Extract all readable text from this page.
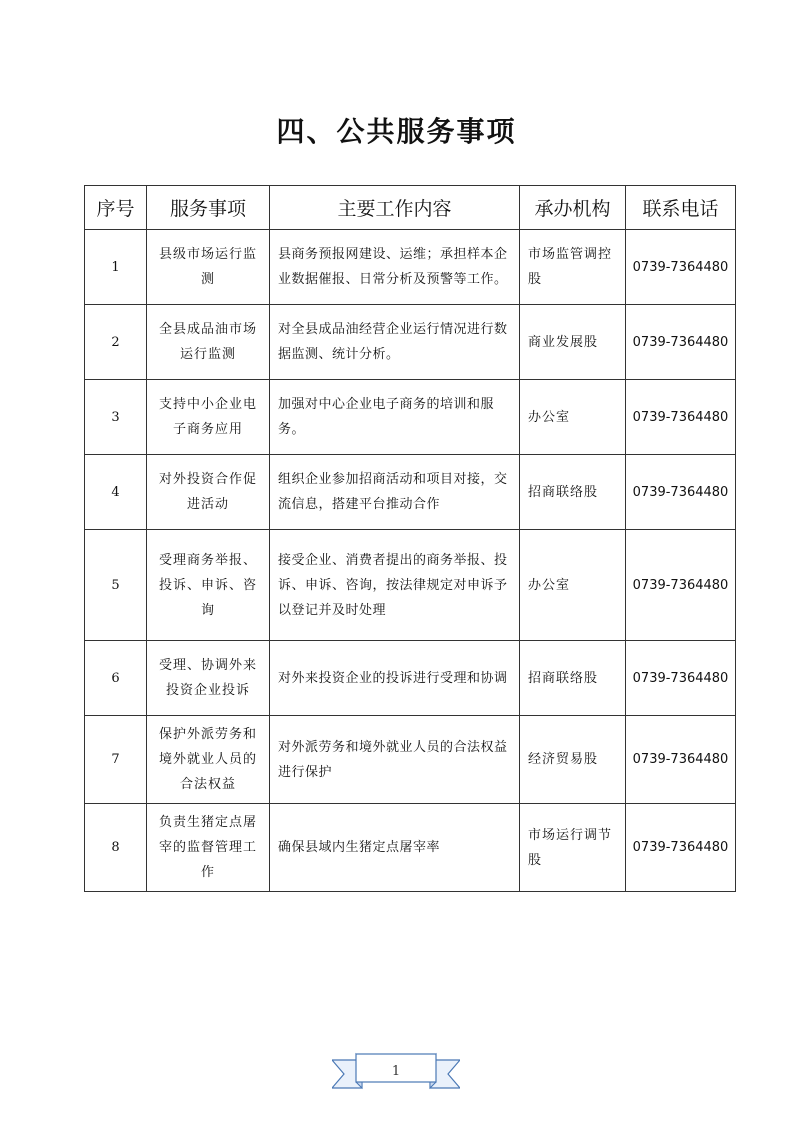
四、公共服务事项
序号	服务事项	主要工作内容	承办机构	联系电话
1	县级市场运行监测	县商务预报网建设、运维；承担样本企业数据催报、日常分析及预警等工作。	市场监管调控股	0739-7364480
2	全县成品油市场运行监测	对全县成品油经营企业运行情况进行数据监测、统计分析。	商业发展股	0739-7364480
3	支持中小企业电子商务应用	加强对中心企业电子商务的培训和服务。	办公室	0739-7364480
4	对外投资合作促进活动	组织企业参加招商活动和项目对接，交流信息，搭建平台推动合作	招商联络股	0739-7364480
5	受理商务举报、投诉、申诉、咨询	接受企业、消费者提出的商务举报、投诉、申诉、咨询，按法律规定对申诉予以登记并及时处理	办公室	0739-7364480
6	受理、协调外来投资企业投诉	对外来投资企业的投诉进行受理和协调	招商联络股	0739-7364480
7	保护外派劳务和境外就业人员的合法权益	对外派劳务和境外就业人员的合法权益进行保护	经济贸易股	0739-7364480
8	负责生猪定点屠宰的监督管理工作	确保县域内生猪定点屠宰率	市场运行调节股	0739-7364480
1
